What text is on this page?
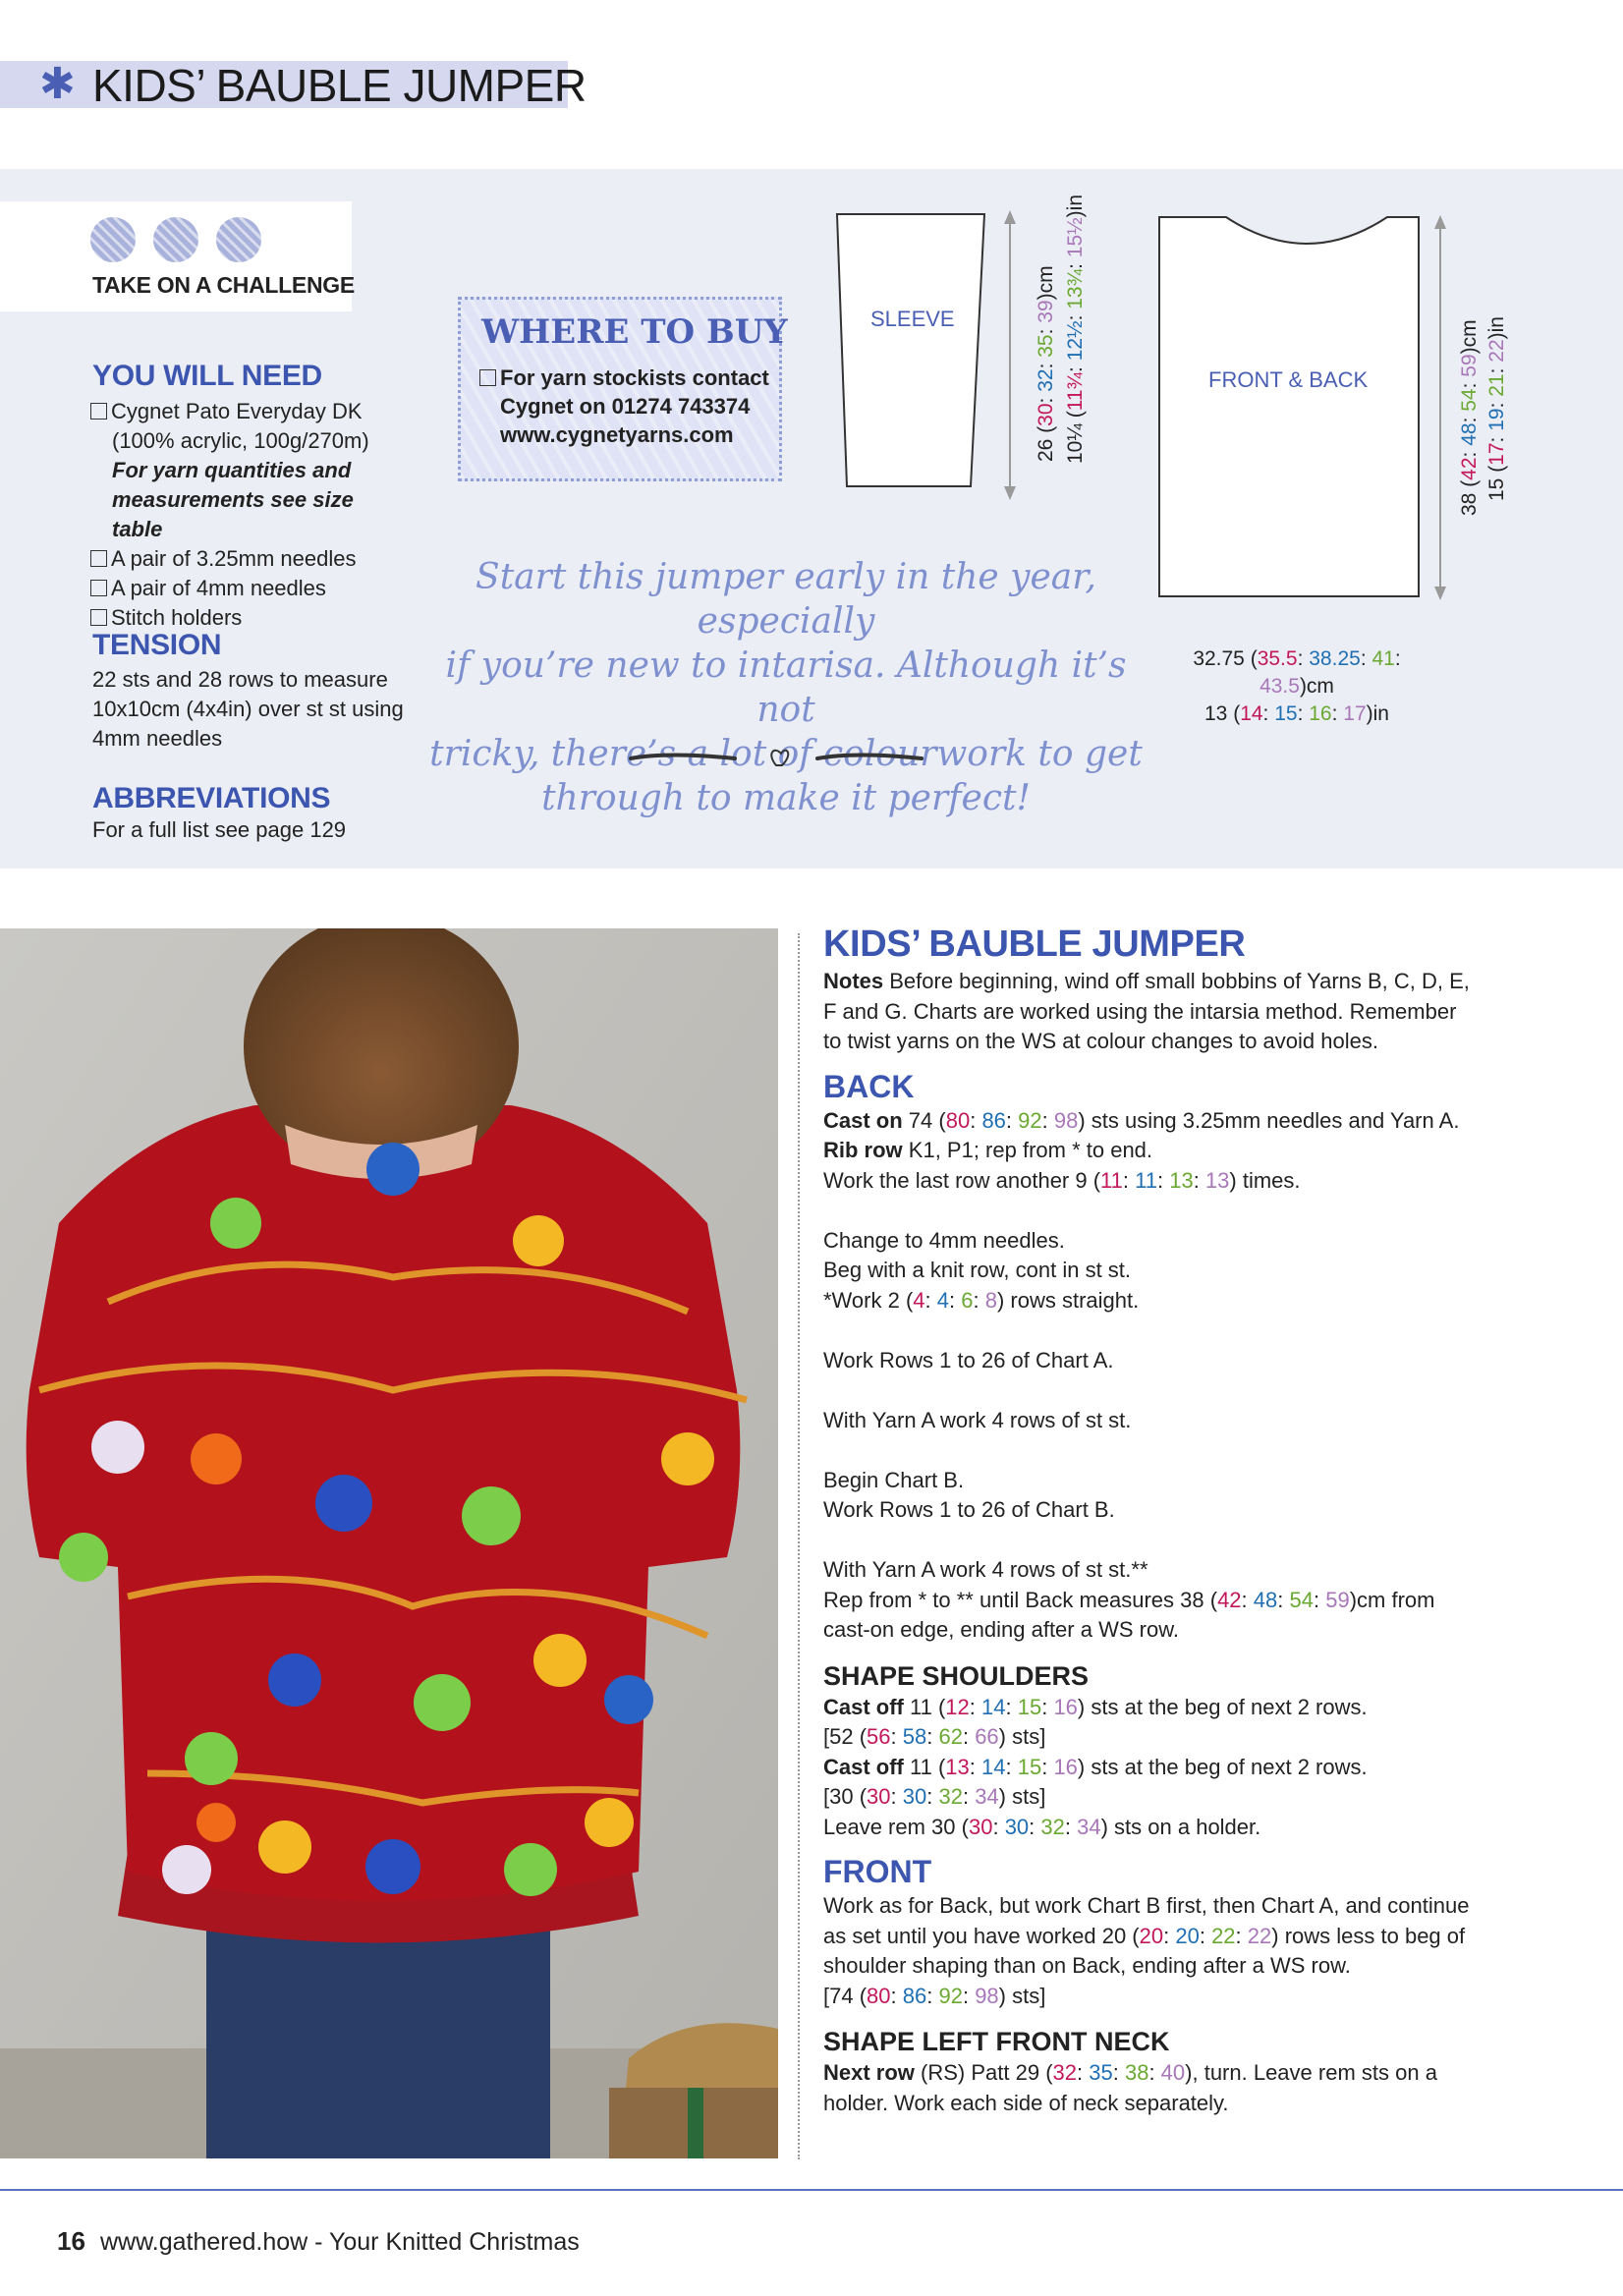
✱ KIDS’ BAUBLE JUMPER
TAKE ON A CHALLENGE
YOU WILL NEED
Cygnet Pato Everyday DK
(100% acrylic, 100g/270m)
For yarn quantities and
measurements see size table
A pair of 3.25mm needles
A pair of 4mm needles
Stitch holders
TENSION
22 sts and 28 rows to measure
10x10cm (4x4in) over st st using
4mm needles
ABBREVIATIONS
For a full list see page 129
WHERE TO BUY
For yarn stockists contact
Cygnet on 01274 743374
www.cygnetyarns.com
Start this jumper early in the year, especially
if you’re new to intarisa. Although it’s not
tricky, there’s a lot of colourwork to get
through to make it perfect!
SLEEVE
26 (30: 32: 35: 39)cm
10¼ (11¾: 12½: 13¾: 15½)in
FRONT & BACK
38 (42: 48: 54: 59)cm
15 (17: 19: 21: 22)in
32.75 (35.5: 38.25: 41: 43.5)cm
13 (14: 15: 16: 17)in
KIDS’ BAUBLE JUMPER

Notes Before beginning, wind off small bobbins of Yarns B, C, D, E,

F and G. Charts are worked using the intarsia method. Remember

to twist yarns on the WS at colour changes to avoid holes.

BACK

Cast on 74 (80: 86: 92: 98) sts using 3.25mm needles and Yarn A.

Rib row K1, P1; rep from * to end.

Work the last row another 9 (11: 11: 13: 13) times.

Change to 4mm needles.

Beg with a knit row, cont in st st.

*Work 2 (4: 4: 6: 8) rows straight.

Work Rows 1 to 26 of Chart A.

With Yarn A work 4 rows of st st.

Begin Chart B.

Work Rows 1 to 26 of Chart B.

With Yarn A work 4 rows of st st.**

Rep from * to ** until Back measures 38 (42: 48: 54: 59)cm from

cast-on edge, ending after a WS row.

SHAPE SHOULDERS

Cast off 11 (12: 14: 15: 16) sts at the beg of next 2 rows.

[52 (56: 58: 62: 66) sts]

Cast off 11 (13: 14: 15: 16) sts at the beg of next 2 rows.

[30 (30: 30: 32: 34) sts]

Leave rem 30 (30: 30: 32: 34) sts on a holder.

FRONT

Work as for Back, but work Chart B first, then Chart A, and continue

as set until you have worked 20 (20: 20: 22: 22) rows less to beg of

shoulder shaping than on Back, ending after a WS row.

[74 (80: 86: 92: 98) sts]

SHAPE LEFT FRONT NECK

Next row (RS) Patt 29 (32: 35: 38: 40), turn. Leave rem sts on a

holder. Work each side of neck separately.

16 www.gathered.how - Your Knitted Christmas
